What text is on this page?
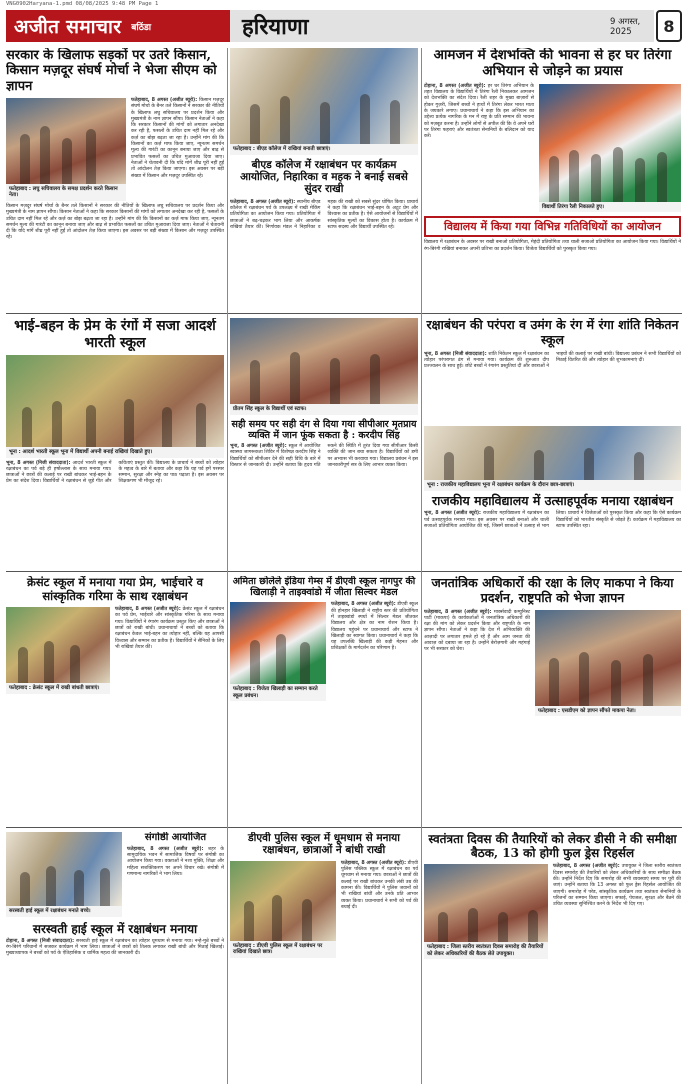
VNG0902Haryana-1.pmd 08/08/2025 9:48 PM Page 1
अजीत समाचार बठिंडा	हरियाणा	9 अगस्त, 2025	8
सरकार के खिलाफ सड़कों पर उतरे किसान, किसान मज़दूर संघर्ष मोर्चा ने भेजा सीएम को ज्ञापन
फतेहाबाद : लघु सचिवालय के समक्ष प्रदर्शन करते किसान नेता।
फतेहाबाद, 8 अगस्त (अजीत ब्यूरो): किसान मज़दूर संघर्ष मोर्चा के बैनर तले किसानों ने सरकार की नीतियों के खिलाफ लघु सचिवालय पर प्रदर्शन किया और मुख्यमंत्री के नाम ज्ञापन सौंपा। किसान नेताओं ने कहा कि सरकार किसानों की मांगों को लगातार अनदेखा कर रही है, फसलों के उचित दाम नहीं मिल रहे और कर्ज़ का बोझ बढ़ता जा रहा है। उन्होंने मांग की कि किसानों का कर्ज़ माफ किया जाए, न्यूनतम समर्थन मूल्य की गारंटी का कानून बनाया जाए और बाढ़ से प्रभावित फसलों का उचित मुआवजा दिया जाए। नेताओं ने चेतावनी दी कि यदि मांगें शीघ्र पूरी नहीं हुईं तो आंदोलन तेज़ किया जाएगा। इस अवसर पर बड़ी संख्या में किसान और मज़दूर उपस्थित रहे।
किसान मज़दूर संघर्ष मोर्चा के बैनर तले किसानों ने सरकार की नीतियों के खिलाफ लघु सचिवालय पर प्रदर्शन किया और मुख्यमंत्री के नाम ज्ञापन सौंपा। किसान नेताओं ने कहा कि सरकार किसानों की मांगों को लगातार अनदेखा कर रही है, फसलों के उचित दाम नहीं मिल रहे और कर्ज़ का बोझ बढ़ता जा रहा है। उन्होंने मांग की कि किसानों का कर्ज़ माफ किया जाए, न्यूनतम समर्थन मूल्य की गारंटी का कानून बनाया जाए और बाढ़ से प्रभावित फसलों का उचित मुआवजा दिया जाए। नेताओं ने चेतावनी दी कि यदि मांगें शीघ्र पूरी नहीं हुईं तो आंदोलन तेज़ किया जाएगा। इस अवसर पर बड़ी संख्या में किसान और मज़दूर उपस्थित रहे।
फतेहाबाद : बीएड कॉलेज में राखियां बनाती छात्राएं।
बीएड कॉलेज में रक्षाबंधन पर कार्यक्रम आयोजित, निहारिका व महक ने बनाई सबसे सुंदर राखी
फतेहाबाद, 8 अगस्त (अजीत ब्यूरो): स्थानीय बीएड कॉलेज में रक्षाबंधन पर्व के उपलक्ष्य में राखी मेकिंग प्रतियोगिता का आयोजन किया गया। प्रतियोगिता में छात्राओं ने बढ़-चढ़कर भाग लिया और आकर्षक राखियां तैयार कीं। निर्णायक मंडल ने निहारिका व महक की राखी को सबसे सुंदर घोषित किया। प्राचार्य ने कहा कि रक्षाबंधन भाई-बहन के अटूट प्रेम और विश्वास का प्रतीक है। ऐसे आयोजनों से विद्यार्थियों में सांस्कृतिक मूल्यों का विकास होता है। कार्यक्रम में स्टाफ सदस्य और विद्यार्थी उपस्थित रहे।
आमजन में देशभक्ति की भावना से हर घर तिरंगा अभियान से जोड़ने का प्रयास
टोहाना, 8 अगस्त (अजीत ब्यूरो): हर घर तिरंगा अभियान के तहत विद्यालय के विद्यार्थियों ने तिरंगा रैली निकालकर आमजन को देशभक्ति का संदेश दिया। रैली शहर के मुख्य बाज़ारों से होकर गुज़री, जिसमें बच्चों ने हाथों में तिरंगा लेकर भारत माता के जयकारे लगाए। प्रधानाचार्य ने कहा कि इस अभियान का उद्देश्य प्रत्येक नागरिक के मन में राष्ट्र के प्रति सम्मान की भावना को मज़बूत करना है। उन्होंने लोगों से अपील की कि वे अपने घरों पर तिरंगा फहराएं और स्वतंत्रता सेनानियों के बलिदान को याद करें।
विद्यार्थी तिरंगा रैली निकालते हुए।
विद्यालय में किया गया विभिन्न गतिविधियों का आयोजन
विद्यालय में रक्षाबंधन के अवसर पर राखी बनाओ प्रतियोगिता, मेहंदी प्रतियोगिता तथा थाली सजाओ प्रतियोगिता का आयोजन किया गया। विद्यार्थियों ने रंग-बिरंगी राखियां बनाकर अपनी प्रतिभा का प्रदर्शन किया। विजेता विद्यार्थियों को पुरस्कृत किया गया।
भाई-बहन के प्रेम के रंगों में सजा आदर्श भारती स्कूल
भूना : आदर्श भारती स्कूल भूना में विद्यार्थी अपनी बनाई राखियां दिखाते हुए।
भूना, 8 अगस्त (निजी संवाददाता): आदर्श भारती स्कूल में रक्षाबंधन का पर्व बड़े ही हर्षोल्लास के साथ मनाया गया। छात्राओं ने छात्रों की कलाई पर राखी बांधकर भाई-बहन के प्रेम का संदेश दिया। विद्यार्थियों ने रक्षाबंधन से जुड़े गीत और कविताएं प्रस्तुत कीं। विद्यालय के प्राचार्य ने बच्चों को त्योहार के महत्व के बारे में बताया और कहा कि यह पर्व हमें परस्पर सम्मान, सुरक्षा और स्नेह का पाठ पढ़ाता है। इस अवसर पर शिक्षकगण भी मौजूद रहे।
प्रीतम सिंह स्कूल के विद्यार्थी एवं स्टाफ।
सही समय पर सही दंग से दिया गया सीपीआर मृतप्राय व्यक्ति में जान फूंक सकता है : करदीप सिंह
भूना, 8 अगस्त (अजीत ब्यूरो): स्कूल में आयोजित स्वास्थ्य जागरूकता शिविर में विशेषज्ञ करदीप सिंह ने विद्यार्थियों को सीपीआर देने की सही विधि के बारे में विस्तार से जानकारी दी। उन्होंने बताया कि हृदय गति रुकने की स्थिति में तुरंत दिया गया सीपीआर किसी व्यक्ति की जान बचा सकता है। विद्यार्थियों को डमी पर अभ्यास भी करवाया गया। विद्यालय प्रबंधन ने इस जानकारीपूर्ण सत्र के लिए आभार व्यक्त किया।
रक्षाबंधन की परंपरा व उमंग के रंग में रंगा शांति निकेतन स्कूल
भूना, 8 अगस्त (निजी संवाददाता): शांति निकेतन स्कूल में रक्षाबंधन का त्योहार परंपरागत ढंग से मनाया गया। कार्यक्रम की शुरुआत दीप प्रज्ज्वलन के साथ हुई। छोटे बच्चों ने रंगारंग प्रस्तुतियां दीं और छात्राओं ने भाइयों की कलाई पर राखी बांधी। विद्यालय प्रबंधन ने सभी विद्यार्थियों को मिठाई वितरित की और त्योहार की शुभकामनाएं दीं।
भूना : राजकीय महाविद्यालय भूना में रक्षाबंधन कार्यक्रम के दौरान छात्र-छात्राएं।
राजकीय महाविद्यालय में उत्साहपूर्वक मनाया रक्षाबंधन
भूना, 8 अगस्त (अजीत ब्यूरो): राजकीय महाविद्यालय में रक्षाबंधन का पर्व उत्साहपूर्वक मनाया गया। इस अवसर पर राखी बनाओ और थाली सजाओ प्रतियोगिता आयोजित की गई, जिसमें छात्राओं ने उत्साह से भाग लिया। प्राचार्य ने विजेताओं को पुरस्कृत किया और कहा कि ऐसे कार्यक्रम विद्यार्थियों को भारतीय संस्कृति से जोड़ते हैं। कार्यक्रम में महाविद्यालय का स्टाफ उपस्थित रहा।
क्रेसंट स्कूल में मनाया गया प्रेम, भाईचारे व सांस्कृतिक गरिमा के साथ रक्षाबंधन
फतेहाबाद : क्रेसंट स्कूल में राखी बांधती छात्राएं।
फतेहाबाद, 8 अगस्त (अजीत ब्यूरो): क्रेसंट स्कूल में रक्षाबंधन का पर्व प्रेम, भाईचारे और सांस्कृतिक गरिमा के साथ मनाया गया। विद्यार्थियों ने रंगारंग कार्यक्रम प्रस्तुत किए और छात्राओं ने छात्रों को राखी बांधी। प्रधानाचार्या ने बच्चों को बताया कि रक्षाबंधन केवल भाई-बहन का त्योहार नहीं, बल्कि यह आपसी विश्वास और सम्मान का प्रतीक है। विद्यार्थियों ने सैनिकों के लिए भी राखियां तैयार कीं।
अमिता छोलेले इंडिया गेम्स में डीएवी स्कूल नागपुर की खिलाड़ी ने ताइक्वांडो में जीता सिल्वर मेडल
फतेहाबाद : विजेता खिलाड़ी का सम्मान करते स्कूल प्रबंधन।
फतेहाबाद, 8 अगस्त (अजीत ब्यूरो): डीएवी स्कूल की होनहार खिलाड़ी ने राष्ट्रीय स्तर की प्रतियोगिता में ताइक्वांडो स्पर्धा में सिल्वर मेडल जीतकर विद्यालय और क्षेत्र का नाम रोशन किया है। विद्यालय पहुंचने पर प्रधानाचार्य और स्टाफ ने खिलाड़ी का स्वागत किया। प्रधानाचार्य ने कहा कि यह उपलब्धि खिलाड़ी की कड़ी मेहनत और प्रशिक्षकों के मार्गदर्शन का परिणाम है।
जनतांत्रिक अधिकारों की रक्षा के लिए माकपा ने किया प्रदर्शन, राष्ट्रपति को भेजा ज्ञापन
फतेहाबाद, 8 अगस्त (अजीत ब्यूरो): मार्क्सवादी कम्युनिस्ट पार्टी (माकपा) के कार्यकर्ताओं ने जनतांत्रिक अधिकारों की रक्षा की मांग को लेकर प्रदर्शन किया और राष्ट्रपति के नाम ज्ञापन सौंपा। नेताओं ने कहा कि देश में अभिव्यक्ति की आज़ादी पर लगातार हमले हो रहे हैं और आम जनता की आवाज़ को दबाया जा रहा है। उन्होंने बेरोज़गारी और महंगाई पर भी सरकार को घेरा।
फतेहाबाद : एसडीएम को ज्ञापन सौंपते माकपा नेता।
सरस्वती हाई स्कूल में रक्षाबंधन मनाते बच्चे।
संगोष्ठी आयोजित
फतेहाबाद, 8 अगस्त (अजीत ब्यूरो): शहर के सामुदायिक भवन में सामाजिक विषयों पर संगोष्ठी का आयोजन किया गया। वक्ताओं ने नशा मुक्ति, शिक्षा और महिला सशक्तिकरण पर अपने विचार रखे। संगोष्ठी में गणमान्य नागरिकों ने भाग लिया।
सरस्वती हाई स्कूल में रक्षाबंधन मनाया
टोहाना, 8 अगस्त (निजी संवाददाता): सरस्वती हाई स्कूल में रक्षाबंधन का त्योहार धूमधाम से मनाया गया। नन्हे-मुन्ने बच्चों ने रंग-बिरंगे परिधानों में सजकर कार्यक्रम में भाग लिया। छात्राओं ने छात्रों को तिलक लगाकर राखी बांधी और मिठाई खिलाई। मुख्याध्यापक ने बच्चों को पर्व के ऐतिहासिक व धार्मिक महत्व की जानकारी दी।
डीएवी पुलिस स्कूल में धूमधाम से मनाया रक्षाबंधन, छात्राओं ने बांधी राखी
फतेहाबाद : डीएवी पुलिस स्कूल में रक्षाबंधन पर राखियां दिखाते छात्र।
फतेहाबाद, 8 अगस्त (अजीत ब्यूरो): डीएवी पुलिस पब्लिक स्कूल में रक्षाबंधन का पर्व धूमधाम से मनाया गया। छात्राओं ने छात्रों की कलाई पर राखी बांधकर उनकी लंबी उम्र की कामना की। विद्यार्थियों ने पुलिस जवानों को भी राखियां बांधीं और उनके प्रति आभार व्यक्त किया। प्रधानाचार्य ने सभी को पर्व की बधाई दी।
स्वतंत्रता दिवस की तैयारियों को लेकर डीसी ने की समीक्षा बैठक, 13 को होगी फुल ड्रेस रिहर्सल
फतेहाबाद : जिला स्तरीय स्वतंत्रता दिवस समारोह की तैयारियों को लेकर अधिकारियों की बैठक लेते उपायुक्त।
फतेहाबाद, 8 अगस्त (अजीत ब्यूरो): उपायुक्त ने जिला स्तरीय स्वतंत्रता दिवस समारोह की तैयारियों को लेकर अधिकारियों के साथ समीक्षा बैठक की। उन्होंने निर्देश दिए कि समारोह की सभी व्यवस्थाएं समय पर पूरी की जाएं। उन्होंने बताया कि 13 अगस्त को फुल ड्रेस रिहर्सल आयोजित की जाएगी। समारोह में परेड, सांस्कृतिक कार्यक्रम तथा स्वतंत्रता सेनानियों के परिजनों का सम्मान किया जाएगा। सफाई, पेयजल, सुरक्षा और बैठने की उचित व्यवस्था सुनिश्चित करने के निर्देश भी दिए गए।
